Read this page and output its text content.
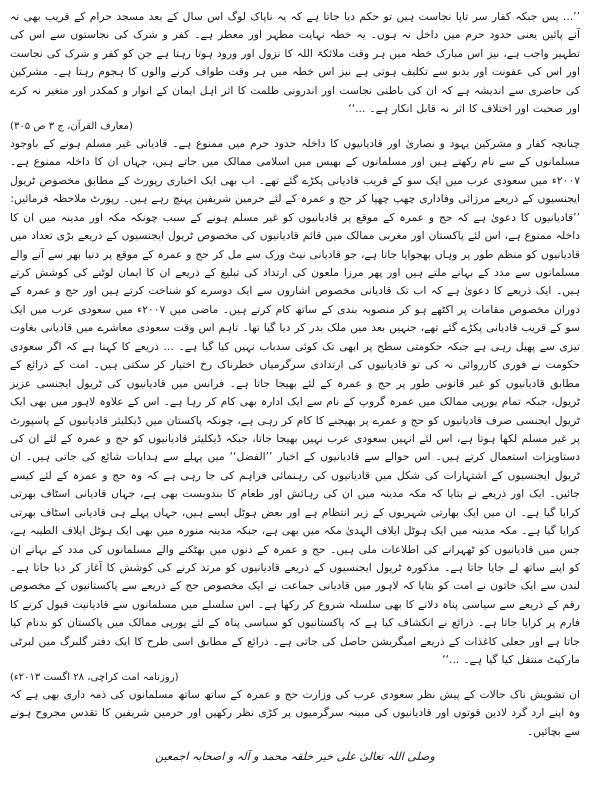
’’... پس جبکہ کفار سر تاپا نجاست ہیں تو حکم دیا جاتا ہے کہ یہ ناپاک لوگ اس سال کے بعد مسجد حرام کے قریب بھی نہ آنے پائیں یعنی حدود حرم میں داخل نہ ہوں۔ یہ خطہ نہایت مطہر اور معطر ہے۔ کفر و شرک کی نجاستوں سے اس کی تطہیر واجب ہے، نیز اس مبارک خطہ میں ہر وقت ملائکۃ اللہ کا نزول اور ورود ہوتا رہتا ہے جن کو کفر و شرک کی نجاست اور اس کی عفونت اور بدبو سے تکلیف ہوتی ہے نیز اس خطہ میں ہر وقت طواف کرنے والوں کا ہجوم رہتا ہے۔ مشرکین کی حاضری سے اندیشہ ہے کہ ان کی باطنی نجاست اور اندرونی ظلمت کا اثر اہل ایمان کے انوار و کمکدر اور متغیر نہ کرے اور صحبت اور اختلاف کا اثر نہ قابل انکار ہے۔ ...‘‘

(معارف القرآن، ج ۳ ص ۳۰۵)

چنانچہ کفار و مشرکین یہود و نصاریٰ اور قادیانیوں کا داخلہ حدود حرم میں ممنوع ہے۔ قادیانی غیر مسلم ہونے کے باوجود مسلمانوں کے سے نام رکھتے ہیں اور مسلمانوں کے بھیس میں اسلامی ممالک میں جاتے ہیں، جہاں ان کا داخلہ ممنوع ہے۔ ۲۰۰۷ء میں سعودی عرب میں ایک سو کے قریب قادیانی پکڑے گئے تھے۔ اب بھی ایک اخباری رپورٹ کے مطابق مخصوص ٹریول ایجنسیوں کے ذریعے مرزائی وفاداری چھپ چھپا کر حج و عمرہ کے لئے حرمین شریفین پہنچ رہے ہیں۔ رپورٹ ملاحظہ فرمائیں:

’’قادیانیوں کا دعویٰ ہے کہ حج و عمرہ کے موقع پر قادیانیوں کو غیر مسلم ہونے کے سبب چونکہ مکہ اور مدینہ میں ان کا داخلہ ممنوع ہے، اس لئے پاکستان اور مغربی ممالک میں قائم قادیانیوں کی مخصوص ٹریول ایجنسیوں کے ذریعے بڑی تعداد میں قادیانیوں کو منظم طور پر وہاں بھجوایا جاتا ہے، جو قادیانی نیٹ ورک سے مل کر حج و عمرہ کے موقع پر دنیا بھر سے آنے والے مسلمانوں سے مدد کے بہانے ملتے ہیں اور پھر مرزا ملعون کی ارتداد کی تبلیغ کے ذریعے ان کا ایمان لوٹنے کی کوشش کرتے ہیں۔ ایک ذریعے کا دعویٰ ہے کہ اب تک قادیانی مخصوص اشاروں سے ایک دوسرے کو شناخت کرتے ہیں اور حج و عمرہ کے دوران مخصوص مقامات پر اکٹھے ہو کر منصوبہ بندی کے ساتھ کام کرتے ہیں۔ ماضی میں ۲۰۰۷ء میں سعودی عرب میں ایک سو کے قریب قادیانی پکڑے گئے تھے، جنہیں بعد میں ملک بدر کر دیا گیا تھا۔ تاہم اس وقت سعودی معاشرے میں قادیانی بغاوت تیزی سے پھیل رہی ہے جبکہ حکومتی سطح پر ابھی تک کوئی سدباب نہیں کیا گیا ہے۔ ... ذریعے کا کہنا ہے کہ اگر سعودی حکومت نے فوری کارروائی نہ کی تو قادیانیوں کی ارتدادی سرگرمیاں خطرناک رخ اختیار کر سکتی ہیں۔ امت کے ذرائع کے مطابق قادیانیوں کو غیر قانونی طور پر حج و عمرہ کے لئے بھیجا جاتا ہے۔ فرانس میں قادیانیوں کی ٹریول ایجنسی عزیز ٹریول، جبکہ تمام یورپی ممالک میں عمرہ گروپ کے نام سے ایک ادارہ بھی کام کر رہا ہے۔ اس کے علاوہ لاہور میں بھی ایک ٹریول ایجنسی صرف قادیانیوں کو حج و عمرے پر بھیجنے کا کام کر رہی ہے، چونکہ پاکستان میں ڈیکلیئر قادیانیوں کے پاسپورٹ پر غیر مسلم لکھا ہوتا ہے، اس لئے انہیں سعودی عرب نہیں بھیجا جاتا، جبکہ ڈیکلیئر قادیانیوں کو حج و عمرہ کے لئے ان کی دستاویزات استعمال کرتے ہیں۔ اس حوالے سے قادیانیوں کے اخبار ’’الفضل‘‘ میں پہلے سے ہدایات شائع کی جاتی ہیں۔ ان ٹریول ایجنسیوں کے اشتہارات کی شکل میں قادیانیوں کی رہنمائی فراہم کی جا رہی ہے کہ وہ حج و عمرہ کے لئے کیسے جائیں۔ ایک اور ذریعے نے بتایا کہ مکہ مدینہ میں ان کی رہائش اور طعام کا بندوبست بھی ہے، جہاں قادیانی اسٹاف بھرتی کرایا گیا ہے۔ ان میں ایک بھارتی شہریوں کے زیر انتظام ہے اور بعض ہوٹل ایسے ہیں، جہاں پہلے ہی قادیانی اسٹاف بھرتی کرایا گیا ہے۔ مکہ مدینہ میں ایک ہوٹل ایلاف الہدیٰ مکہ میں بھی ہے، جبکہ مدینہ منورہ میں بھی ایک ہوٹل ایلاف الطیبہ ہے، جس میں قادیانیوں کو ٹھہرانے کی اطلاعات ملی ہیں۔ حج و عمرہ کے دنوں میں بھٹکنے والے مسلمانوں کی مدد کے بہانے ان کو اپنے ساتھ لے جایا جاتا ہے۔ مذکورہ ٹریول ایجنسیوں کے ذریعے قادیانیوں کو مرتد کرنے کی کوشش کا آغاز کر دیا جاتا ہے۔ لندن سے ایک خاتون نے امت کو بتایا کہ لاہور میں قادیانی جماعت نے ایک مخصوص حج کے ذریعے سے پاکستانیوں کے مخصوص رقم کے ذریعے سے سیاسی پناہ دلانے کا بھی سلسلہ شروع کر رکھا ہے۔ اس سلسلے میں مسلمانوں سے قادیانیت قبول کرنے کا فارم پر کرایا جاتا ہے۔ ذرائع نے انکشاف کیا ہے کہ پاکستانیوں کو سیاسی پناہ کے لئے یورپی ممالک میں پاکستان کو بدنام کیا جاتا ہے اور جعلی کاغذات کے ذریعے امیگریشن حاصل کی جاتی ہے۔ ذرائع کے مطابق اسی طرح کا ایک دفتر گلبرگ میں لبرٹی مارکیٹ منتقل کیا گیا ہے۔ ...‘‘

(روزنامہ امت کراچی، ۲۸ اگست ۲۰۱۳ء)

ان تشویش ناک حالات کے پیش نظر سعودی عرب کی وزارت حج و عمرہ کے ساتھ ساتھ مسلمانوں کی ذمہ داری بھی ہے کہ وہ اپنے ارد گرد لادین قوتوں اور قادیانیوں کی مبینہ سرگرمیوں پر کڑی نظر رکھیں اور حرمین شریفین کا تقدس مجروح ہونے سے بچائیں۔

وصلی اللہ تعالیٰ علی خیر خلقہ محمد و آلہ و اصحابہ اجمعین
